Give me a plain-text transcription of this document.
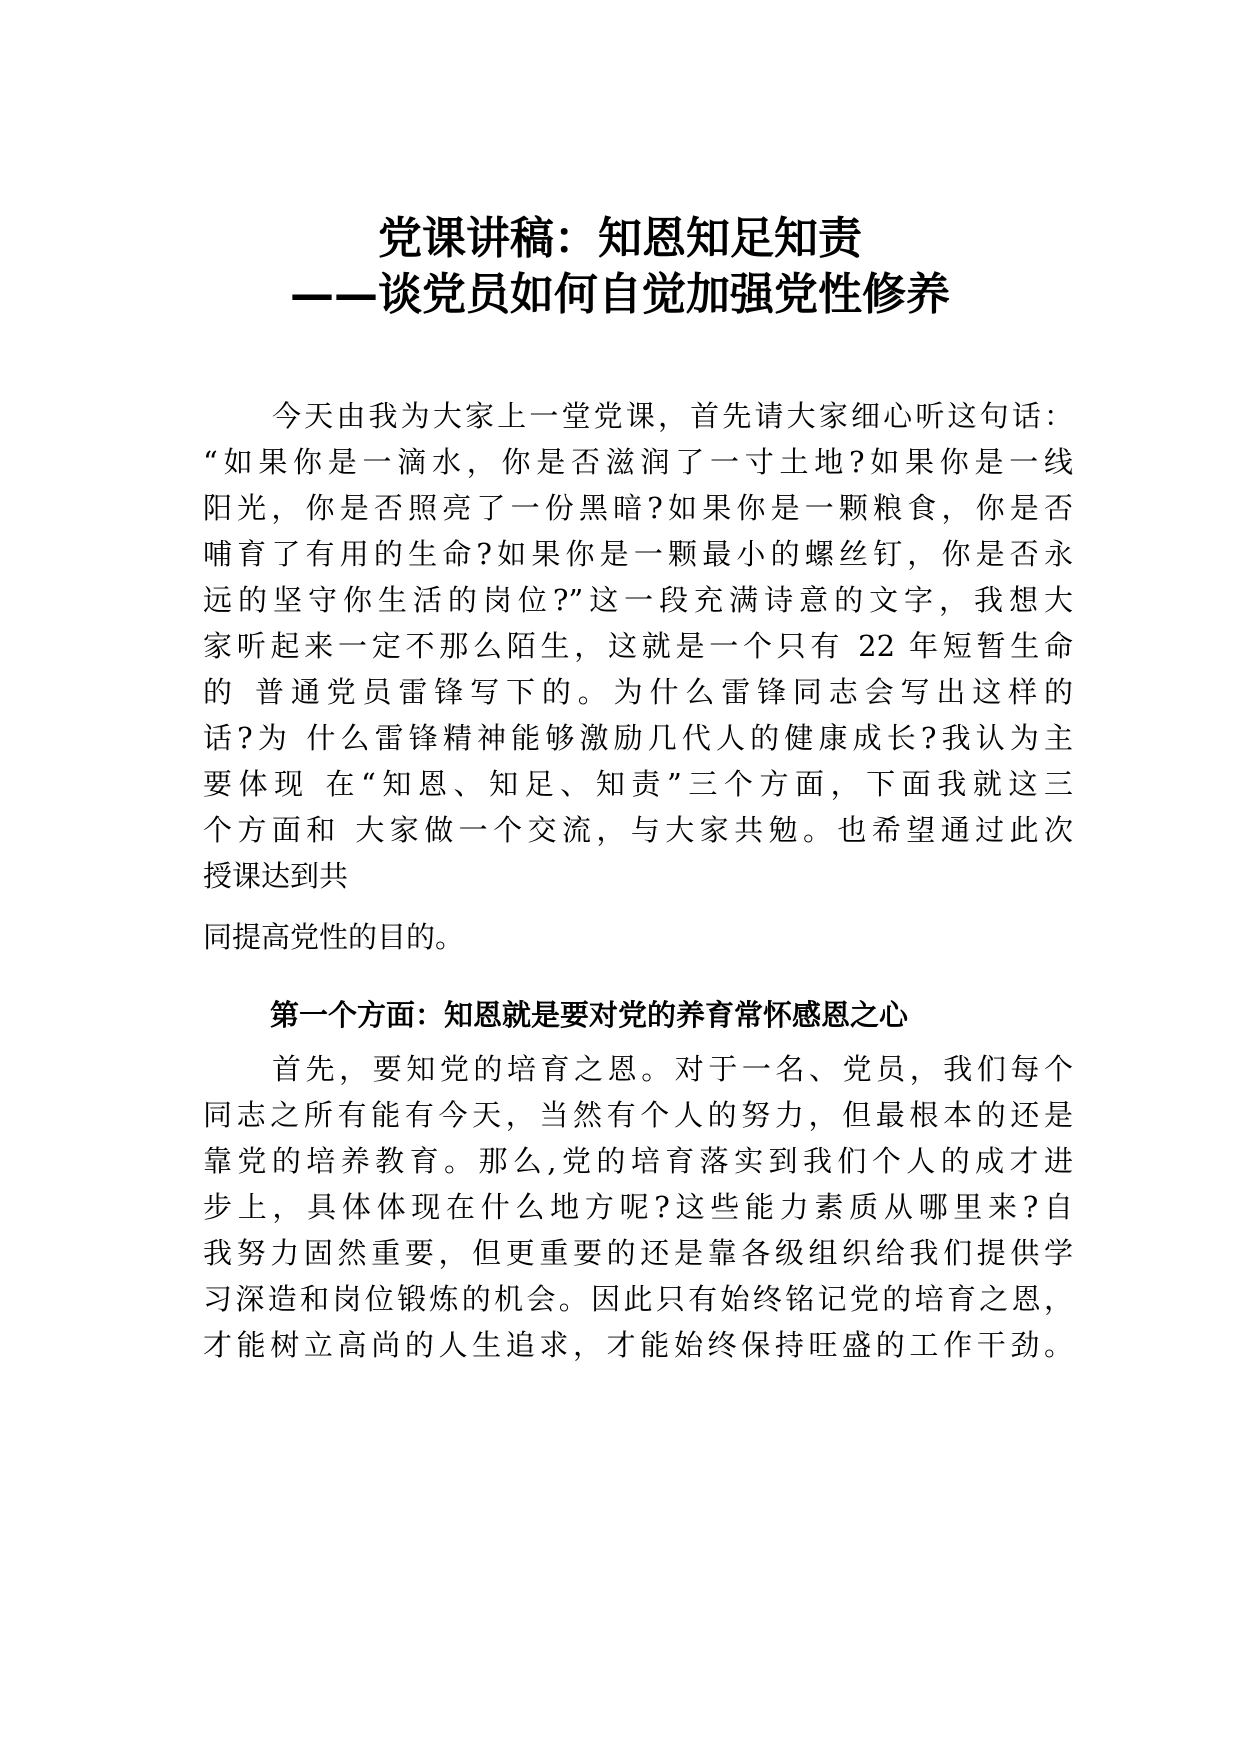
党课讲稿：知恩知足知责
——谈党员如何自觉加强党性修养
今天由我为大家上一堂党课，首先请大家细心听这句话：
“如果你是一滴水，你是否滋润了一寸土地?如果你是一线
阳光，你是否照亮了一份黑暗?如果你是一颗粮食，你是否
哺育了有用的生命?如果你是一颗最小的螺丝钉，你是否永
远的坚守你生活的岗位?”这一段充满诗意的文字，我想大
家听起来一定不那么陌生，这就是一个只有 22 年短暂生命
的 普通党员雷锋写下的。为什么雷锋同志会写出这样的
话?为 什么雷锋精神能够激励几代人的健康成长?我认为主
要体现 在“知恩、知足、知责”三个方面，下面我就这三
个方面和 大家做一个交流，与大家共勉。也希望通过此次
授课达到共
同提高党性的目的。
第一个方面：知恩就是要对党的养育常怀感恩之心
首先，要知党的培育之恩。对于一名、党员，我们每个
同志之所有能有今天，当然有个人的努力，但最根本的还是
靠党的培养教育。那么,党的培育落实到我们个人的成才进
步上，具体体现在什么地方呢?这些能力素质从哪里来?自
我努力固然重要，但更重要的还是靠各级组织给我们提供学
习深造和岗位锻炼的机会。因此只有始终铭记党的培育之恩，
才能树立高尚的人生追求，才能始终保持旺盛的工作干劲。
